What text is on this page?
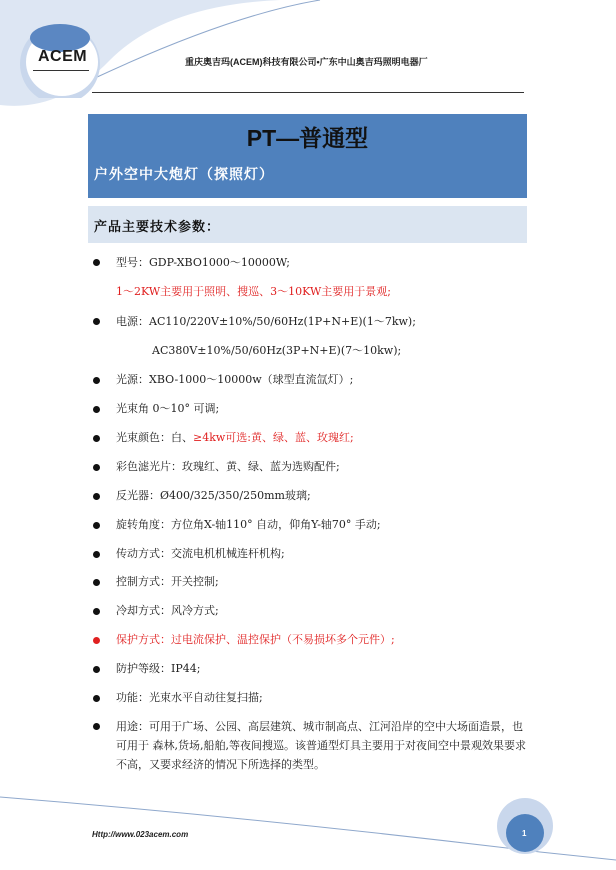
ACEM	重庆奥吉玛(ACEM)科技有限公司•广东中山奥吉玛照明电器厂
PT—普通型
户外空中大炮灯（探照灯）
产品主要技术参数：
型号：GDP-XBO1000～10000W;
1～2KW主要用于照明、搜巡、3～10KW主要用于景观;
电源：AC110/220V±10%/50/60Hz(1P+N+E)(1～7kw);
AC380V±10%/50/60Hz(3P+N+E)(7～10kw);
光源：XBO-1000～10000w（球型直流氙灯）;
光束角 0～10° 可调;
光束颜色：白、≥4kw可选:黄、绿、蓝、玫瑰红;
彩色滤光片：玫瑰红、黄、绿、蓝为选购配件;
反光器：Ø400/325/350/250mm玻璃;
旋转角度：方位角X-轴110° 自动，仰角Y-轴70° 手动;
传动方式：交流电机机械连杆机构;
控制方式：开关控制;
冷却方式：风冷方式;
保护方式：过电流保护、温控保护（不易损坏多个元件）;
防护等级：IP44;
功能：光束水平自动往复扫描;
用途：可用于广场、公园、高层建筑、城市制高点、江河沿岸的空中大场面造景，也可用于 森林,货场,船舶,等夜间搜巡。该普通型灯具主要用于对夜间空中景观效果要求不高，又要求经济的情况下所选择的类型。
Http://www.023acem.com	1
